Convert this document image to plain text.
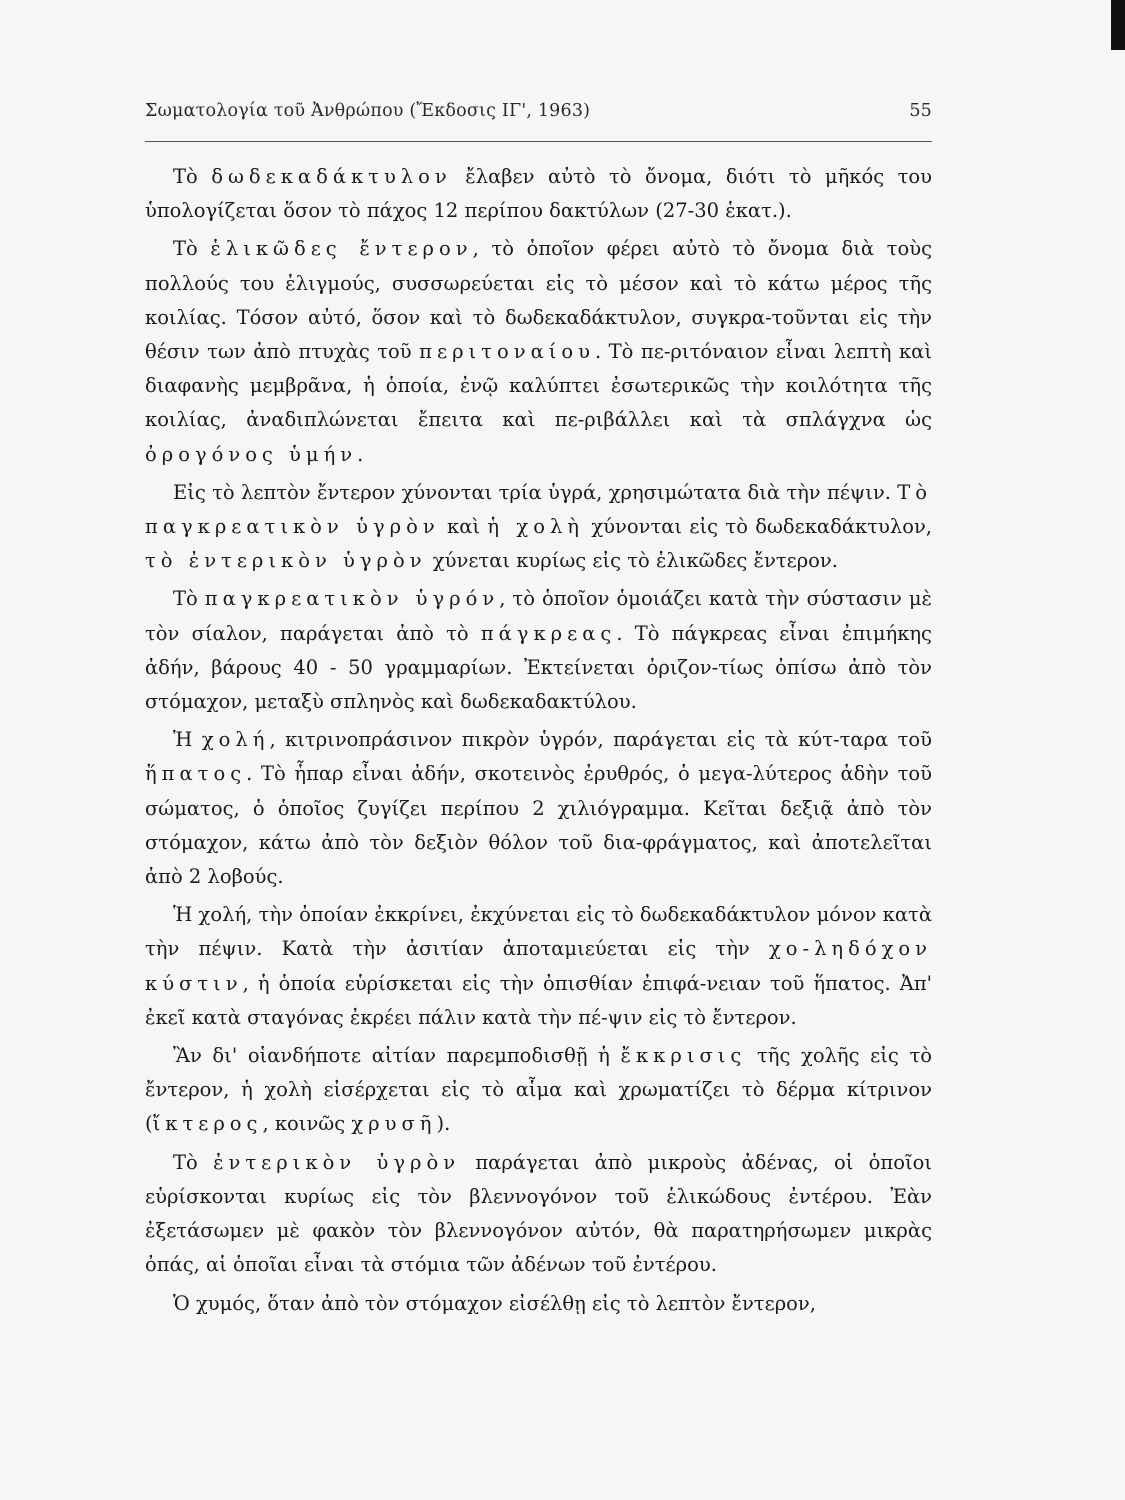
Σωματολογία τοῦ Ἀνθρώπου (Ἔκδοσις ΙΓ', 1963)	55

Τὸ δωδεκαδάκτυλον ἔλαβεν αὐτὸ τὸ ὄνομα, διότι τὸ μῆκός του ὑπολογίζεται ὅσον τὸ πάχος 12 περίπου δακτύλων (27-30 ἑκατ.).

Τὸ ἑλικῶδες ἔντερον, τὸ ὁποῖον φέρει αὐτὸ τὸ ὄνομα διὰ τοὺς πολλούς του ἑλιγμούς, συσσωρεύεται εἰς τὸ μέσον καὶ τὸ κάτω μέρος τῆς κοιλίας. Τόσον αὐτό, ὅσον καὶ τὸ δωδεκαδάκτυλον, συγκρα-τοῦνται εἰς τὴν θέσιν των ἀπὸ πτυχὰς τοῦ περιτοναίου. Τὸ πε-ριτόναιον εἶναι λεπτὴ καὶ διαφανὴς μεμβρᾶνα, ἡ ὁποία, ἐνῷ καλύπτει ἐσωτερικῶς τὴν κοιλότητα τῆς κοιλίας, ἀναδιπλώνεται ἔπειτα καὶ πε-ριβάλλει καὶ τὰ σπλάγχνα ὡς ὀρογόνος ὑμήν.

Εἰς τὸ λεπτὸν ἔντερον χύνονται τρία ὑγρά, χρησιμώτατα διὰ τὴν πέψιν. Τὸ παγκρεατικὸν ὑγρὸν καὶ ἡ χολὴ χύνονται εἰς τὸ δωδεκαδάκτυλον, τὸ ἐντερικὸν ὑγρὸν χύνεται κυρίως εἰς τὸ ἑλικῶδες ἔντερον.

Τὸ παγκρεατικὸν ὑγρόν, τὸ ὁποῖον ὁμοιάζει κατὰ τὴν σύστασιν μὲ τὸν σίαλον, παράγεται ἀπὸ τὸ πάγκρεας. Τὸ πάγκρεας εἶναι ἐπιμήκης ἀδήν, βάρους 40 - 50 γραμμαρίων. Ἐκτείνεται ὁριζον-τίως ὀπίσω ἀπὸ τὸν στόμαχον, μεταξὺ σπληνὸς καὶ δωδεκαδακτύλου.

Ἡ χολή, κιτρινοπράσινον πικρὸν ὑγρόν, παράγεται εἰς τὰ κύτ-ταρα τοῦ ἥπατος. Τὸ ἧπαρ εἶναι ἀδήν, σκοτεινὸς ἐρυθρός, ὁ μεγα-λύτερος ἀδὴν τοῦ σώματος, ὁ ὁποῖος ζυγίζει περίπου 2 χιλιόγραμμα. Κεῖται δεξιᾷ ἀπὸ τὸν στόμαχον, κάτω ἀπὸ τὸν δεξιὸν θόλον τοῦ δια-φράγματος, καὶ ἀποτελεῖται ἀπὸ 2 λοβούς.

Ἡ χολή, τὴν ὁποίαν ἐκκρίνει, ἐκχύνεται εἰς τὸ δωδεκαδάκτυλον μόνον κατὰ τὴν πέψιν. Κατὰ τὴν ἀσιτίαν ἀποταμιεύεται εἰς τὴν χο-ληδόχον κύστιν, ἡ ὁποία εὑρίσκεται εἰς τὴν ὀπισθίαν ἐπιφά-νειαν τοῦ ἥπατος. Ἀπ' ἐκεῖ κατὰ σταγόνας ἐκρέει πάλιν κατὰ τὴν πέ-ψιν εἰς τὸ ἔντερον.

Ἂν δι' οἱανδήποτε αἰτίαν παρεμποδισθῇ ἡ ἔκκρισις τῆς χολῆς εἰς τὸ ἔντερον, ἡ χολὴ εἰσέρχεται εἰς τὸ αἷμα καὶ χρωματίζει τὸ δέρμα κίτρινον (ἴκτερος, κοινῶς χρυσῆ).

Τὸ ἐντερικὸν ὑγρὸν παράγεται ἀπὸ μικροὺς ἀδένας, οἱ ὁποῖοι εὑρίσκονται κυρίως εἰς τὸν βλεννογόνον τοῦ ἑλικώδους ἐντέρου. Ἐὰν ἐξετάσωμεν μὲ φακὸν τὸν βλεννογόνον αὐτόν, θὰ παρατηρήσωμεν μικρὰς ὀπάς, αἱ ὁποῖαι εἶναι τὰ στόμια τῶν ἀδένων τοῦ ἐντέρου.

Ὁ χυμός, ὅταν ἀπὸ τὸν στόμαχον εἰσέλθῃ εἰς τὸ λεπτὸν ἔντερον,
